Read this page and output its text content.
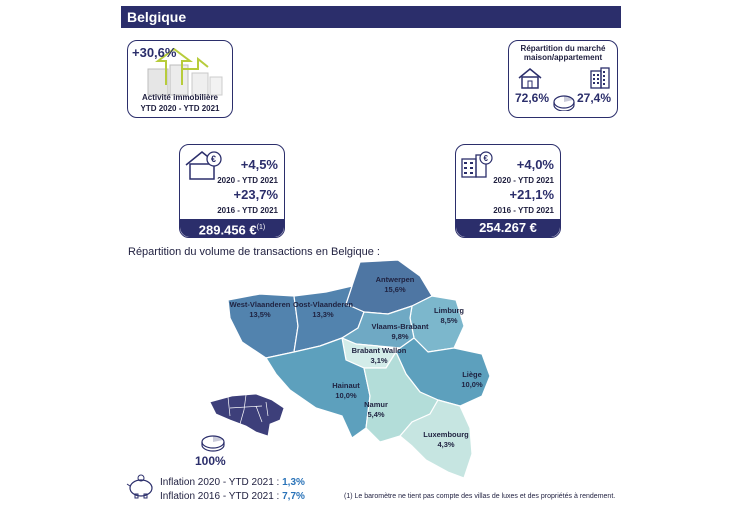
Belgique
+30,6%
Activité immobilière
YTD 2020 - YTD 2021
Répartition du marché
maison/appartement
72,6% 27,4%
€ +4,5%
2020 - YTD 2021
+23,7%
2016 - YTD 2021
289.456 €$^{(1)}$
€ +4,0%
2020 - YTD 2021
+21,1%
2016 - YTD 2021
254.267 €
Répartition du volume de transactions en Belgique :
Antwerpen
15,6%
West-Vlaanderen
13,5%
Oost-Vlaanderen
13,3%	Limburg
8,5%
Vlaams-Brabant
9,8%
Brabant Wallon
3,1%
Hainaut
10,0%
Liège
10,0%
Namur
5,4%
Luxembourg
4,3%
100%
Inflation 2020 - YTD 2021 : 1,3%
Inflation 2016 - YTD 2021 : 7,7%	(1) Le baromètre ne tient pas compte des villas de luxes et des propriétés à rendement.
